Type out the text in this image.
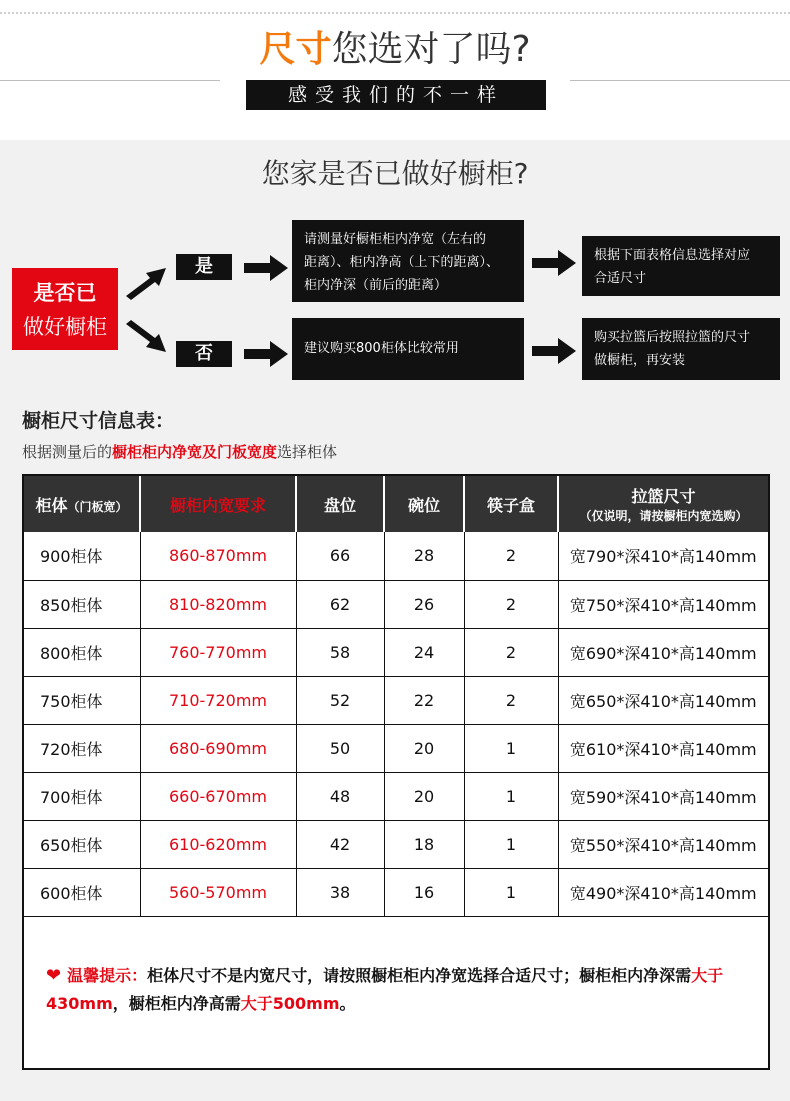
尺寸您选对了吗?
感受我们的不一样
您家是否已做好橱柜?
是否已
做好橱柜
是
否
请测量好橱柜柜内净宽（左右的
距离）、柜内净高（上下的距离）、
柜内净深（前后的距离）
建议购买800柜体比较常用
根据下面表格信息选择对应
合适尺寸
购买拉篮后按照拉篮的尺寸
做橱柜，再安装
橱柜尺寸信息表：
根据测量后的橱柜柜内净宽及门板宽度选择柜体
柜体（门板宽）	橱柜内宽要求	盘位	碗位	筷子盒	拉篮尺寸
（仅说明，请按橱柜内宽选购）

900柜体	860-870mm	66	28	2	宽790*深410*高140mm
850柜体	810-820mm	62	26	2	宽750*深410*高140mm
800柜体	760-770mm	58	24	2	宽690*深410*高140mm
750柜体	710-720mm	52	22	2	宽650*深410*高140mm
720柜体	680-690mm	50	20	1	宽610*深410*高140mm
700柜体	660-670mm	48	20	1	宽590*深410*高140mm
650柜体	610-620mm	42	18	1	宽550*深410*高140mm
600柜体	560-570mm	38	16	1	宽490*深410*高140mm
❤ 温馨提示：柜体尺寸不是内宽尺寸，请按照橱柜柜内净宽选择合适尺寸；橱柜柜内净深需大于430mm，橱柜柜内净高需大于500mm。
